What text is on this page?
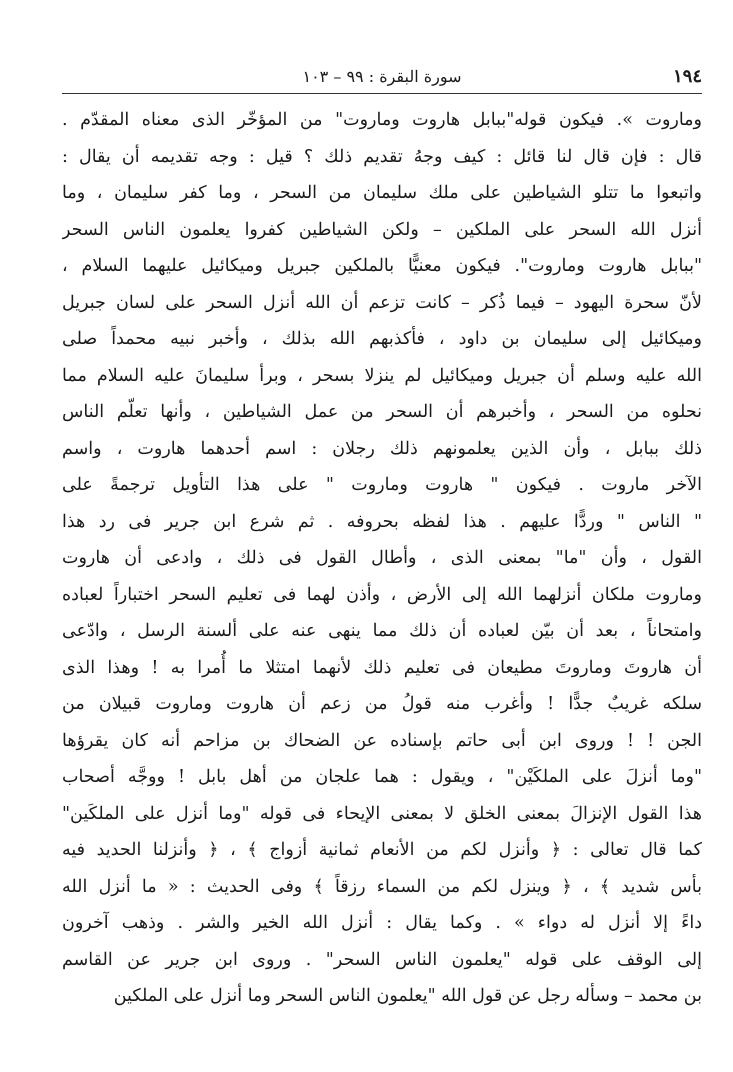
١٩٤
سورة البقرة : ٩٩ – ١٠٣
وماروت ». فيكون قوله"ببابل هاروت وماروت" من المؤخّر الذى معناه المقدّم .
قال : فإن قال لنا قائل : كيف وجهُ تقديم ذلك ؟ قيل : وجه تقديمه أن يقال :
واتبعوا ما تتلو الشياطين على ملك سليمان من السحر ، وما كفر سليمان ، وما
أنزل الله السحر على الملكين – ولكن الشياطين كفروا يعلمون الناس السحر
"ببابل هاروت وماروت". فيكون معنيًّا بالملكين جبريل وميكائيل عليهما السلام ،
لأنّ سحرة اليهود – فيما ذُكر – كانت تزعم أن الله أنزل السحر على لسان جبريل
وميكائيل إلى سليمان بن داود ، فأكذبهم الله بذلك ، وأخبر نبيه محمداً صلى
الله عليه وسلم أن جبريل وميكائيل لم ينزلا بسحر ، وبرأ سليمانَ عليه السلام مما
نحلوه من السحر ، وأخبرهم أن السحر من عمل الشياطين ، وأنها تعلّم الناس
ذلك ببابل ، وأن الذين يعلمونهم ذلك رجلان : اسم أحدهما هاروت ، واسم
الآخر ماروت . فيكون " هاروت وماروت " على هذا التأويل ترجمةً على
" الناس " وردًّا عليهم . هذا لفظه بحروفه . ثم شرع ابن جرير فى رد هذا
القول ، وأن "ما" بمعنى الذى ، وأطال القول فى ذلك ، وادعى أن هاروت
وماروت ملكان أنزلهما الله إلى الأرض ، وأذن لهما فى تعليم السحر اختباراً لعباده
وامتحاناً ، بعد أن بيّن لعباده أن ذلك مما ينهى عنه على ألسنة الرسل ، وادّعى
أن هاروتَ وماروتَ مطيعان فى تعليم ذلك لأنهما امتثلا ما أُمرا به ! وهذا الذى
سلكه غريبٌ جدًّا ! وأغرب منه قولُ من زعم أن هاروت وماروت قبيلان من
الجن ! ! وروى ابن أبى حاتم بإسناده عن الضحاك بن مزاحم أنه كان يقرؤها
"وما أنزلَ على الملكَيْن" ، ويقول : هما علجان من أهل بابل ! ووجَّه أصحاب
هذا القول الإنزالَ بمعنى الخلق لا بمعنى الإيحاء فى قوله "وما أنزل على الملكَين"
كما قال تعالى : ﴿ وأنزل لكم من الأنعام ثمانية أزواج ﴾ ، ﴿ وأنزلنا الحديد فيه
بأس شديد ﴾ ، ﴿ وينزل لكم من السماء رزقاً ﴾ وفى الحديث : « ما أنزل الله
داءً إلا أنزل له دواء » . وكما يقال : أنزل الله الخير والشر . وذهب آخرون
إلى الوقف على قوله "يعلمون الناس السحر" . وروى ابن جرير عن القاسم
بن محمد – وسأله رجل عن قول الله "يعلمون الناس السحر وما أنزل على الملكين
